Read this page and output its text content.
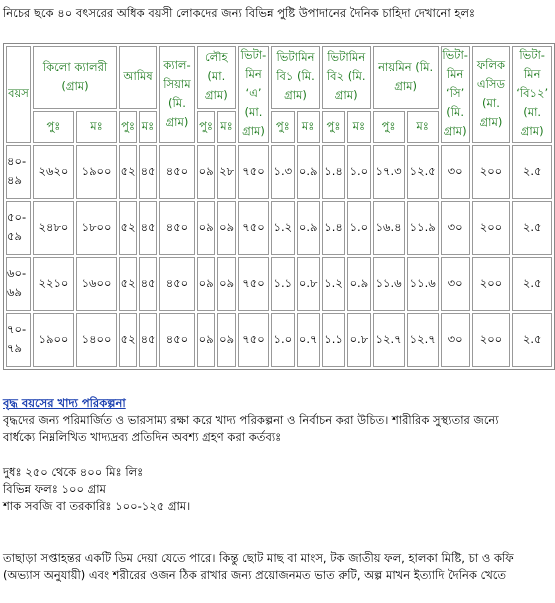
নিচের ছকে ৪০ বৎসরের অধিক বয়সী লোকদের জন্য বিভিন্ন পুষ্টি উপাদানের দৈনিক চাহিদা দেখানো হলঃ
বয়স	কিলো ক্যালরী (গ্রাম)		আমিষ		ক্যাল- সিয়াম (মি. গ্রাম)	লৌহ (মা. গ্রাম)		ভিটা- মিন ‘এ’ (মা. গ্রাম)	ভিটামিন বি১ (মি. গ্রাম)		ভিটামিন বি২ (মি. গ্রাম)		নায়মিন (মি. গ্রাম)		ভিটা- মিন ‘সি’ (মি. গ্রাম)	ফলিক এসিড (মা. গ্রাম)	ভিটা- মিন ‘বি১২’ (মা. গ্রাম)
	পুঃ	মঃ	পুঃ	মঃ		পুঃ	মঃ		পুঃ	মঃ	পুঃ	মঃ	পুঃ	মঃ			
৪০- ৪৯	২৬২০	১৯০০	৫২	৪৫	৪৫০	০৯	২৮	৭৫০	১.৩	০.৯	১.৪	১.০	১৭.৩	১২.৫	৩০	২০০	২.৫
৫০- ৫৯	২৪৮০	১৮০০	৫২	৪৫	৪৫০	০৯	০৯	৭৫০	১.২	০.৯	১.৪	১.০	১৬.৪	১১.৯	৩০	২০০	২.৫
৬০- ৬৯	২২১০	১৬০০	৫২	৪৫	৪৫০	০৯	০৯	৭৫০	১.১	০.৮	১.২	০.৯	১১.৬	১১.৬	৩০	২০০	২.৫
৭০- ৭৯	১৯০০	১৪০০	৫২	৪৫	৪৫০	০৯	০৯	৭৫০	১.০	০.৭	১.১	০.৮	১২.৭	১২.৭	৩০	২০০	২.৫
বৃদ্ধ বয়সের খাদ্য পরিকল্পনা
বৃদ্ধদের জন্য পরিমার্জিত ও ভারসাম্য রক্ষা করে খাদ্য পরিকল্পনা ও নির্বাচন করা উচিত। শারীরিক সুস্থ্যতার জন্যে
বার্ধক্যে নিম্নলিখিত খাদ্যদ্রব্য প্রতিদিন অবশ্য গ্রহণ করা কর্তব্যঃ
দুধঃ ২৫০ থেকে ৪০০ মিঃ লিঃ
বিভিন্ন ফলঃ ১০০ গ্রাম
শাক সবজি বা তরকারিঃ ১০০-১২৫ গ্রাম।
তাছাড়া সপ্তাহন্তর একটি ডিম দেয়া যেতে পারে। কিন্তু ছোট মাছ বা মাংস, টক জাতীয় ফল, হালকা মিষ্টি, চা ও কফি
(অভ্যাস অনুযায়ী) এবং শরীরের ওজন ঠিক রাখার জন্য প্রয়োজনমত ভাত রুটি, অল্প মাখন ইত্যাদি দৈনিক খেতে
